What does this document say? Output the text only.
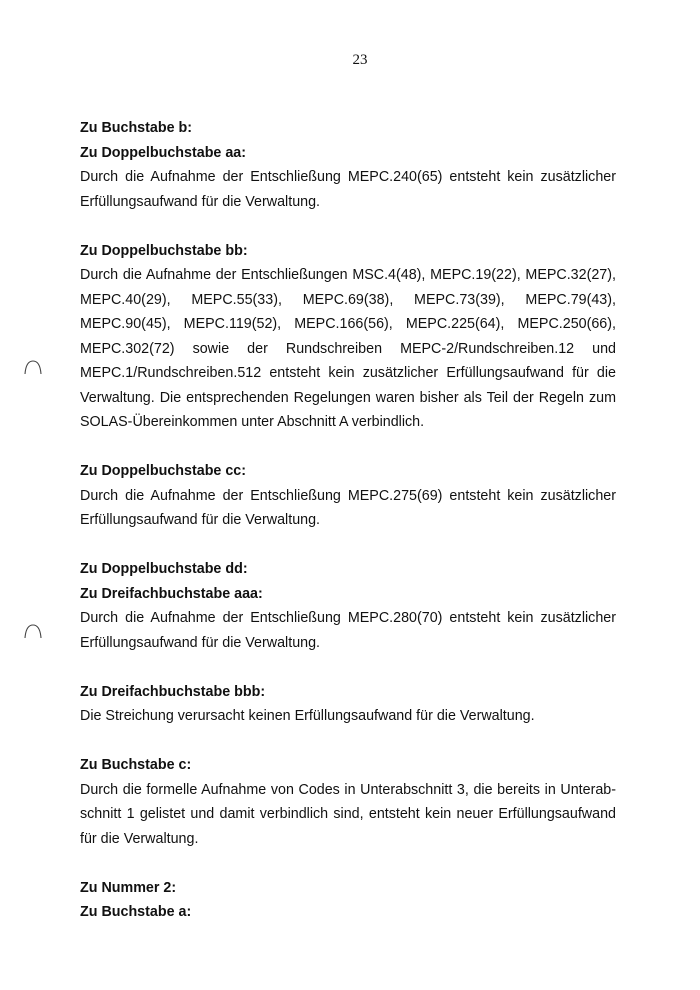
23
Zu Buchstabe b:
Zu Doppelbuchstabe aa:
Durch die Aufnahme der Entschließung MEPC.240(65) entsteht kein zusätzlicher Erfüllungsaufwand für die Verwaltung.
Zu Doppelbuchstabe bb:
Durch die Aufnahme der Entschließungen MSC.4(48), MEPC.19(22), MEPC.32(27), MEPC.40(29), MEPC.55(33), MEPC.69(38), MEPC.73(39), MEPC.79(43), MEPC.90(45), MEPC.119(52), MEPC.166(56), MEPC.225(64), MEPC.250(66), MEPC.302(72) sowie der Rundschreiben MEPC-2/Rundschreiben.12 und MEPC.1/Rundschreiben.512 entsteht kein zusätzlicher Erfüllungsaufwand für die Verwaltung. Die entsprechenden Regelungen waren bisher als Teil der Regeln zum SOLAS-Übereinkommen unter Abschnitt A verbindlich.
Zu Doppelbuchstabe cc:
Durch die Aufnahme der Entschließung MEPC.275(69) entsteht kein zusätzlicher Erfüllungsaufwand für die Verwaltung.
Zu Doppelbuchstabe dd:
Zu Dreifachbuchstabe aaa:
Durch die Aufnahme der Entschließung MEPC.280(70) entsteht kein zusätzlicher Erfüllungsaufwand für die Verwaltung.
Zu Dreifachbuchstabe bbb:
Die Streichung verursacht keinen Erfüllungsaufwand für die Verwaltung.
Zu Buchstabe c:
Durch die formelle Aufnahme von Codes in Unterabschnitt 3, die bereits in Unterab-schnitt 1 gelistet und damit verbindlich sind, entsteht kein neuer Erfüllungsaufwand für die Verwaltung.
Zu Nummer 2:
Zu Buchstabe a:
